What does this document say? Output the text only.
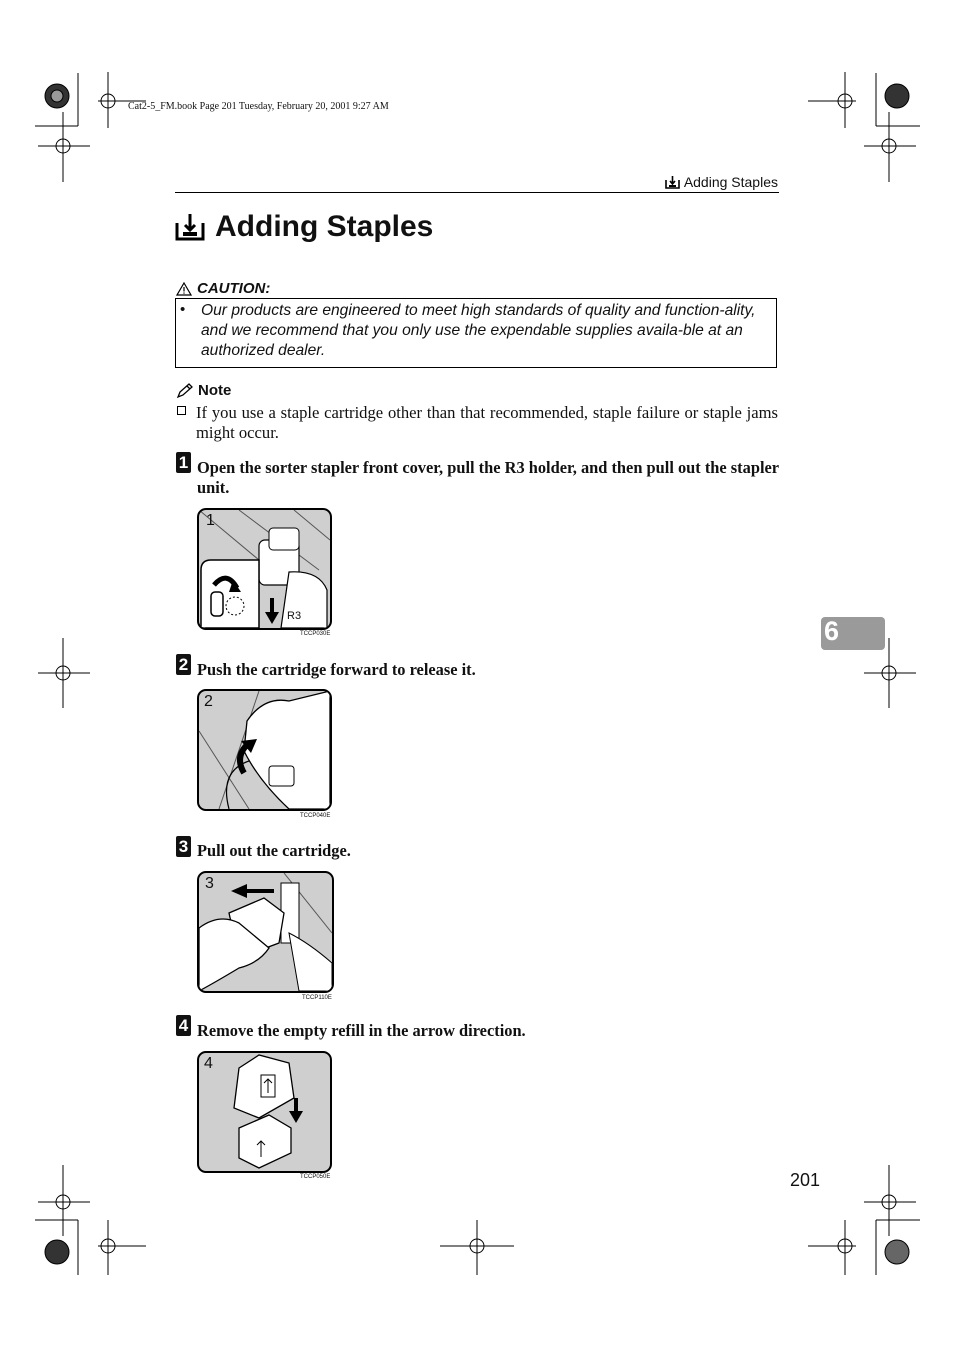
Cat2-5_FM.book Page 201 Tuesday, February 20, 2001 9:27 AM
Adding Staples
Adding Staples
CAUTION:
• Our products are engineered to meet high standards of quality and function-ality, and we recommend that you only use the expendable supplies availa-ble at an authorized dealer.
Note
If you use a staple cartridge other than that recommended, staple failure or staple jams might occur.
1 Open the sorter stapler front cover, pull the R3 holder, and then pull out the stapler unit.
1
R3
TCCP030E
2 Push the cartridge forward to release it.
2
TCCP040E
3 Pull out the cartridge.
3
TCCP110E
4 Remove the empty refill in the arrow direction.
4
TCCP050E
6
201
